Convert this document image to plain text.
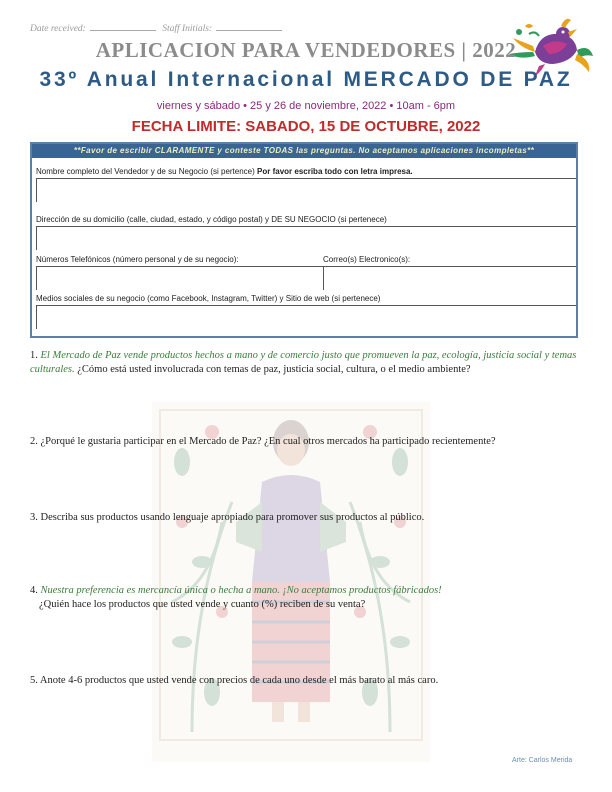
Date received:	Staff Initials:
APLICACION PARA VENDEDORES | 2022
33º Anual Internacional MERCADO DE PAZ
viernes y sábado • 25 y 26 de noviembre, 2022 • 10am - 6pm
FECHA LIMITE: SABADO, 15 DE OCTUBRE, 2022
**Favor de escribir CLARAMENTE y conteste TODAS las preguntas. No aceptamos aplicaciones incompletas**
Nombre completo del Vendedor y de su Negocio (si pertence) Por favor escriba todo con letra impresa.
Dirección de su domicilio (calle, ciudad, estado, y código postal) y DE SU NEGOCIO (si pertenece)
Números Telefónicos (número personal y de su negocio):	Correo(s) Electronico(s):
Medios sociales de su negocio (como Facebook, Instagram, Twitter) y Sitio de web (si pertenece)
1. El Mercado de Paz vende productos hechos a mano y de comercio justo que promueven la paz, ecología, justicia social y temas culturales. ¿Cómo está usted involucrada con temas de paz, justicia social, cultura, o el medio ambiente?
2. ¿Porqué le gustaria participar en el Mercado de Paz? ¿En cual otros mercados ha participado recientemente?
3. Describa sus productos usando lenguaje apropiado para promover sus productos al público.
4. Nuestra preferencia es mercancía única o hecha a mano. ¡No aceptamos productos fábricados!
¿Quién hace los productos que usted vende y cuanto (%) reciben de su venta?
5. Anote 4-6 productos que usted vende con precios de cada uno desde el más barato al más caro.
Arte: Carlos Merida
